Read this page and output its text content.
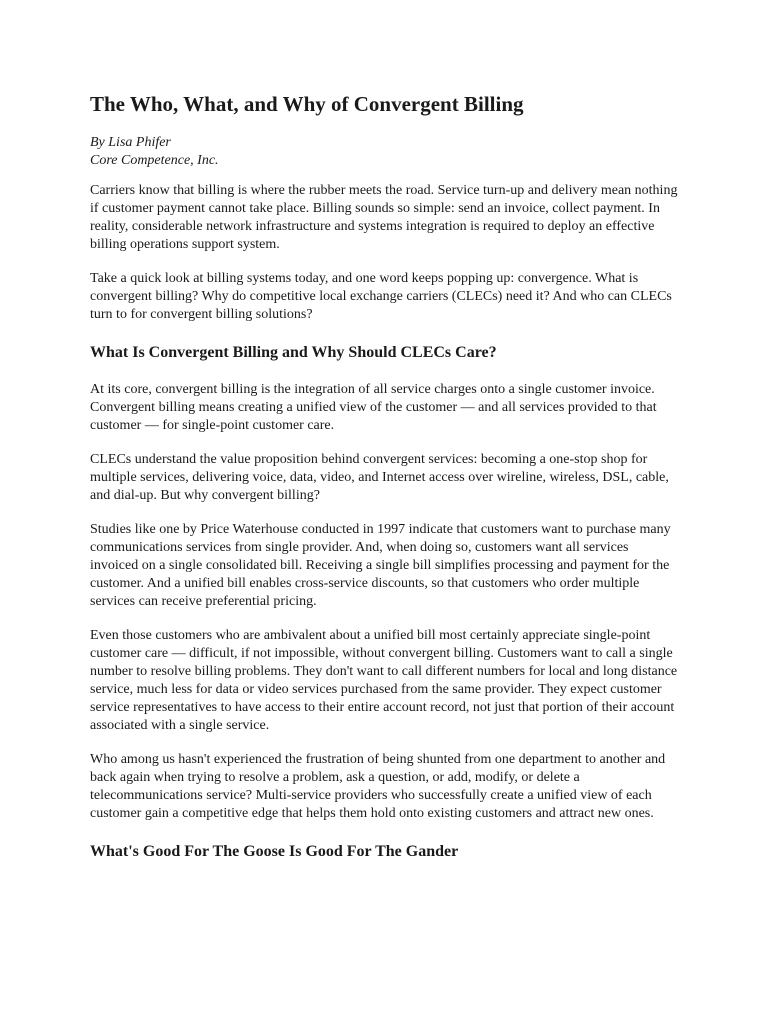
The Who, What, and Why of Convergent Billing

By Lisa Phifer

Core Competence, Inc.

Carriers know that billing is where the rubber meets the road. Service turn-up and delivery mean nothing if customer payment cannot take place. Billing sounds so simple: send an invoice, collect payment. In reality, considerable network infrastructure and systems integration is required to deploy an effective billing operations support system.

Take a quick look at billing systems today, and one word keeps popping up: convergence. What is convergent billing? Why do competitive local exchange carriers (CLECs) need it? And who can CLECs turn to for convergent billing solutions?

What Is Convergent Billing and Why Should CLECs Care?

At its core, convergent billing is the integration of all service charges onto a single customer invoice. Convergent billing means creating a unified view of the customer — and all services provided to that customer — for single-point customer care.

CLECs understand the value proposition behind convergent services: becoming a one-stop shop for multiple services, delivering voice, data, video, and Internet access over wireline, wireless, DSL, cable, and dial-up. But why convergent billing?

Studies like one by Price Waterhouse conducted in 1997 indicate that customers want to purchase many communications services from single provider. And, when doing so, customers want all services invoiced on a single consolidated bill. Receiving a single bill simplifies processing and payment for the customer. And a unified bill enables cross-service discounts, so that customers who order multiple services can receive preferential pricing.

Even those customers who are ambivalent about a unified bill most certainly appreciate single-point customer care — difficult, if not impossible, without convergent billing. Customers want to call a single number to resolve billing problems. They don't want to call different numbers for local and long distance service, much less for data or video services purchased from the same provider. They expect customer service representatives to have access to their entire account record, not just that portion of their account associated with a single service.

Who among us hasn't experienced the frustration of being shunted from one department to another and back again when trying to resolve a problem, ask a question, or add, modify, or delete a telecommunications service? Multi-service providers who successfully create a unified view of each customer gain a competitive edge that helps them hold onto existing customers and attract new ones.

What's Good For The Goose Is Good For The Gander
